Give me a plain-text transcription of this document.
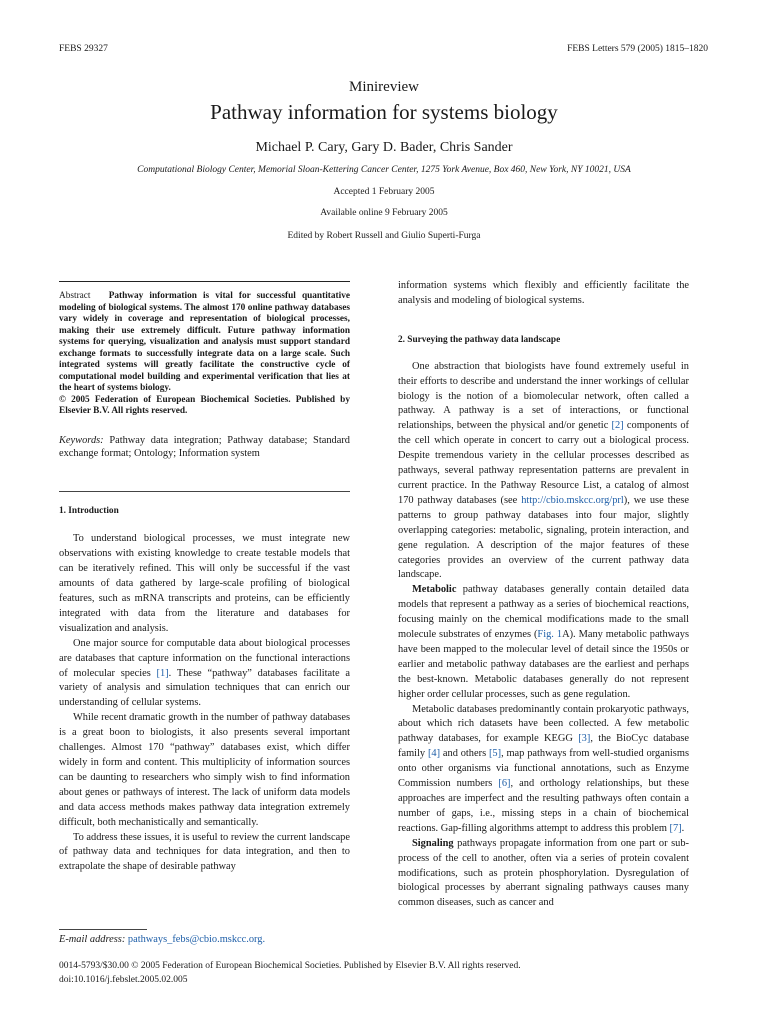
FEBS 29327	FEBS Letters 579 (2005) 1815–1820
Minireview
Pathway information for systems biology
Michael P. Cary, Gary D. Bader, Chris Sander
Computational Biology Center, Memorial Sloan-Kettering Cancer Center, 1275 York Avenue, Box 460, New York, NY 10021, USA
Accepted 1 February 2005
Available online 9 February 2005
Edited by Robert Russell and Giulio Superti-Furga
Abstract Pathway information is vital for successful quantitative modeling of biological systems. The almost 170 online pathway databases vary widely in coverage and representation of biological processes, making their use extremely difficult. Future pathway information systems for querying, visualization and analysis must support standard exchange formats to successfully integrate data on a large scale. Such integrated systems will greatly facilitate the constructive cycle of computational model building and experimental verification that lies at the heart of systems biology.
© 2005 Federation of European Biochemical Societies. Published by Elsevier B.V. All rights reserved.
Keywords: Pathway data integration; Pathway database; Standard exchange format; Ontology; Information system
1. Introduction

To understand biological processes, we must integrate new observations with existing knowledge to create testable models that can be iteratively refined. This will only be successful if the vast amounts of data gathered by large-scale profiling of biological features, such as mRNA transcripts and proteins, can be efficiently integrated with data from the literature and databases for visualization and analysis.

One major source for computable data about biological processes are databases that capture information on the functional interactions of molecular species [1]. These “pathway” databases facilitate a variety of analysis and simulation techniques that can enrich our understanding of cellular systems.

While recent dramatic growth in the number of pathway databases is a great boon to biologists, it also presents several important challenges. Almost 170 “pathway” databases exist, which differ widely in form and content. This multiplicity of information sources can be daunting to researchers who simply wish to find information about genes or pathways of interest. The lack of uniform data models and data access methods makes pathway data integration extremely difficult, both mechanistically and semantically.

To address these issues, it is useful to review the current landscape of pathway data and techniques for data integration, and then to extrapolate the shape of desirable pathway

information systems which flexibly and efficiently facilitate the analysis and modeling of biological systems.

2. Surveying the pathway data landscape

One abstraction that biologists have found extremely useful in their efforts to describe and understand the inner workings of cellular biology is the notion of a biomolecular network, often called a pathway. A pathway is a set of interactions, or functional relationships, between the physical and/or genetic [2] components of the cell which operate in concert to carry out a biological process. Despite tremendous variety in the cellular processes described as pathways, several pathway representation patterns are prevalent in current practice. In the Pathway Resource List, a catalog of almost 170 pathway databases (see http://cbio.mskcc.org/prl), we use these patterns to group pathway databases into four major, slightly overlapping categories: metabolic, signaling, protein interaction, and gene regulation. A description of the major features of these categories provides an overview of the current pathway data landscape.

Metabolic pathway databases generally contain detailed data models that represent a pathway as a series of biochemical reactions, focusing mainly on the chemical modifications made to the small molecule substrates of enzymes (Fig. 1A). Many metabolic pathways have been mapped to the molecular level of detail since the 1950s or earlier and metabolic pathway databases are the earliest and perhaps the best-known. Metabolic databases generally do not represent higher order cellular processes, such as gene regulation.

Metabolic databases predominantly contain prokaryotic pathways, about which rich datasets have been collected. A few metabolic pathway databases, for example KEGG [3], the BioCyc database family [4] and others [5], map pathways from well-studied organisms onto other organisms via functional annotations, such as Enzyme Commission numbers [6], and orthology relationships, but these approaches are imperfect and the resulting pathways often contain a number of gaps, i.e., missing steps in a chain of biochemical reactions. Gap-filling algorithms attempt to address this problem [7].

Signaling pathways propagate information from one part or sub-process of the cell to another, often via a series of protein covalent modifications, such as protein phosphorylation. Dysregulation of biological processes by aberrant signaling pathways causes many common diseases, such as cancer and

E-mail address: pathways_febs@cbio.mskcc.org.
0014-5793/$30.00 © 2005 Federation of European Biochemical Societies. Published by Elsevier B.V. All rights reserved.
doi:10.1016/j.febslet.2005.02.005
